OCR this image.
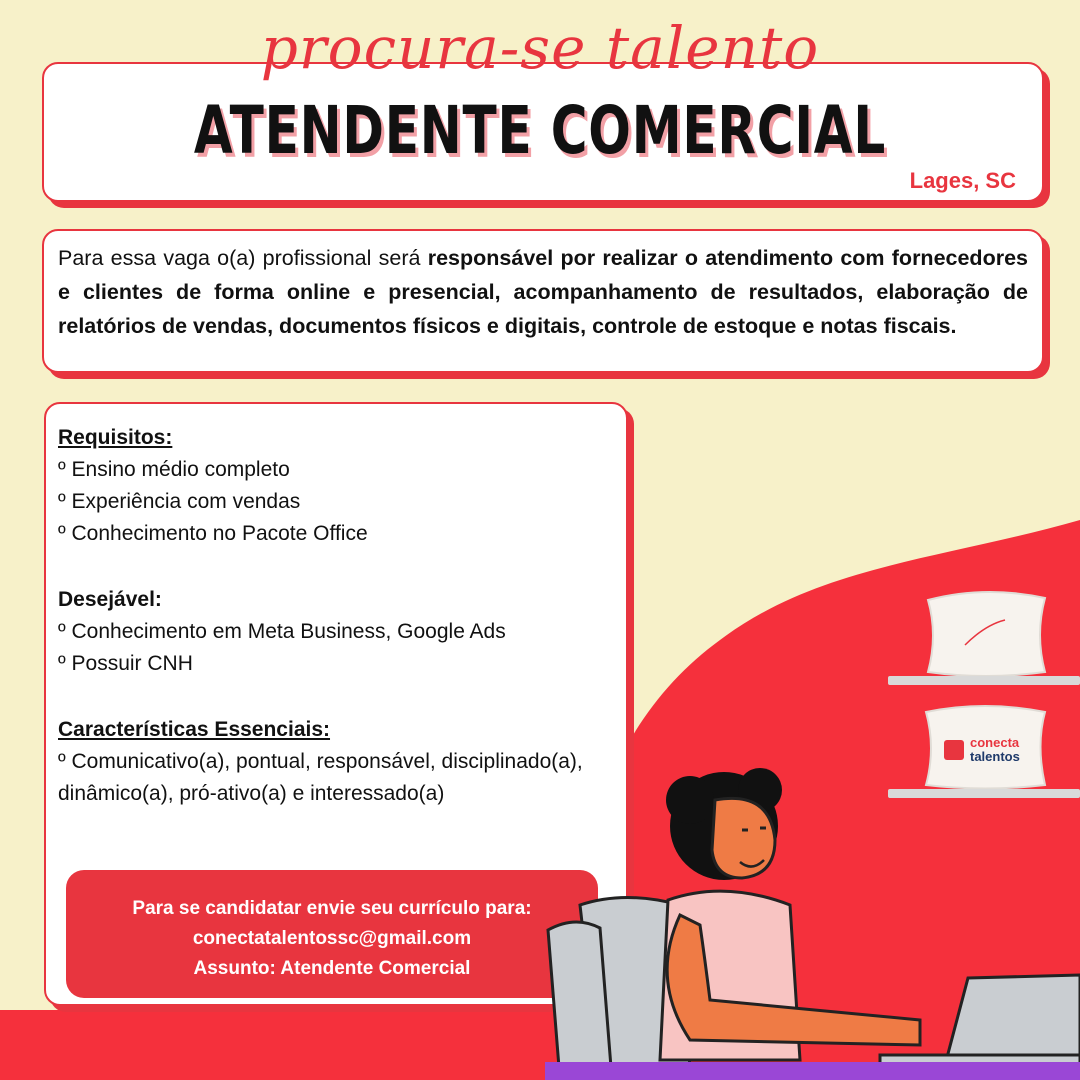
procura-se talento
ATENDENTE COMERCIAL
Lages, SC

Para essa vaga o(a) profissional será responsável por realizar o atendimento com fornecedores e clientes de forma online e presencial, acompanhamento de resultados, elaboração de relatórios de vendas, documentos físicos e digitais, controle de estoque e notas fiscais.

Requisitos:

º Ensino médio completo

º Experiência com vendas

º Conhecimento no Pacote Office

Desejável:

º Conhecimento em Meta Business, Google Ads

º Possuir CNH

Características Essenciais:

º Comunicativo(a), pontual, responsável, disciplinado(a), dinâmico(a), pró-ativo(a) e interessado(a)

Para se candidatar envie seu currículo para:
conectatalentossc@gmail.com
Assunto: Atendente Comercial
conecta
talentos
